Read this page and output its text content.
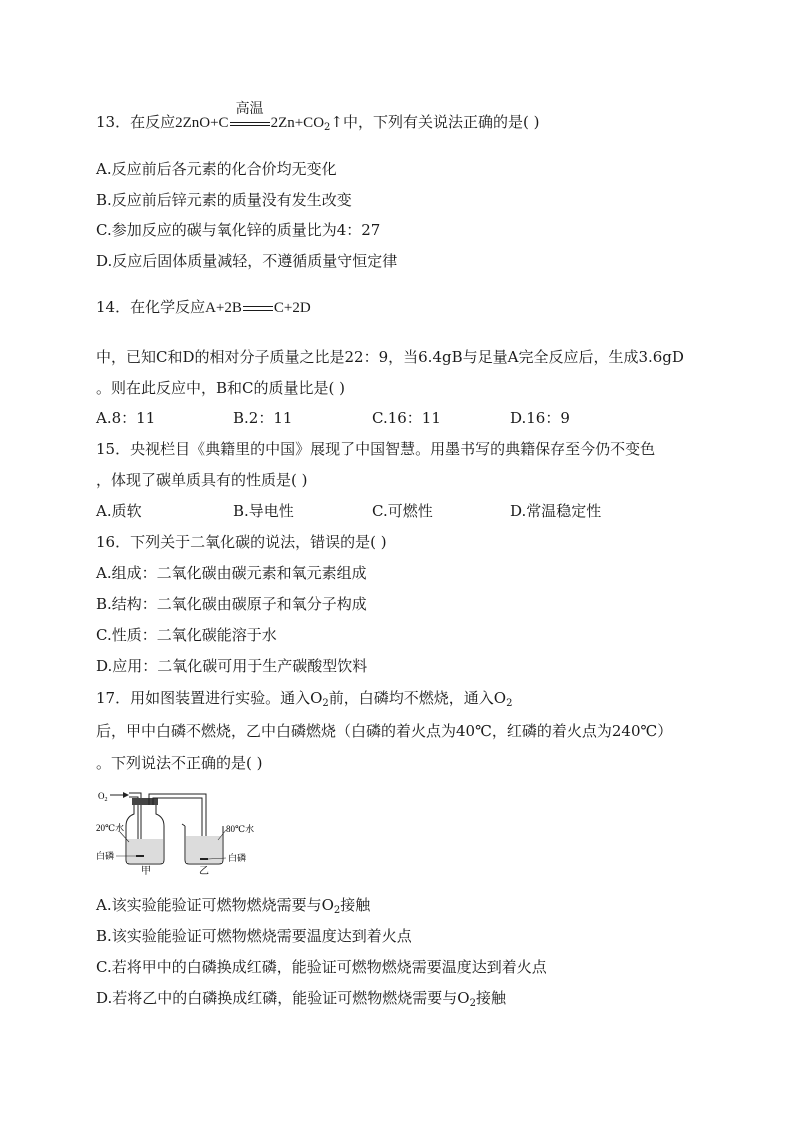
13．在反应2ZnO+C
高温
$2Zn+CO_2↑$中，下列有关说法正确的是( )
A.反应前后各元素的化合价均无变化
B.反应前后锌元素的质量没有发生改变
C.参加反应的碳与氧化锌的质量比为4：27
D.反应后固体质量减轻，不遵循质量守恒定律
14．在化学反应A+2B C+2D
中，已知C和D的相对分子质量之比是22：9，当6.4gB与足量A完全反应后，生成3.6gD
。则在此反应中，B和C的质量比是( )
A.8：11	B.2：11	C.16：11	D.16：9
15．央视栏目《典籍里的中国》展现了中国智慧。用墨书写的典籍保存至今仍不变色
，体现了碳单质具有的性质是( )
A.质软	B.导电性	C.可燃性	D.常温稳定性
16．下列关于二氧化碳的说法，错误的是( )
A.组成：二氧化碳由碳元素和氧元素组成
B.结构：二氧化碳由碳原子和氧分子构成
C.性质：二氧化碳能溶于水
D.应用：二氧化碳可用于生产碳酸型饮料
17．用如图装置进行实验。通入$O_2$前，白磷均不燃烧，通入$O_2$
后，甲中白磷不燃烧，乙中白磷燃烧（白磷的着火点为40℃，红磷的着火点为240℃）
。下列说法不正确的是( )
$O_2$
20℃水
白磷
80℃水
白磷
甲	乙
A.该实验能验证可燃物燃烧需要与$O_2$接触
B.该实验能验证可燃物燃烧需要温度达到着火点
C.若将甲中的白磷换成红磷，能验证可燃物燃烧需要温度达到着火点
D.若将乙中的白磷换成红磷，能验证可燃物燃烧需要与$O_2$接触
